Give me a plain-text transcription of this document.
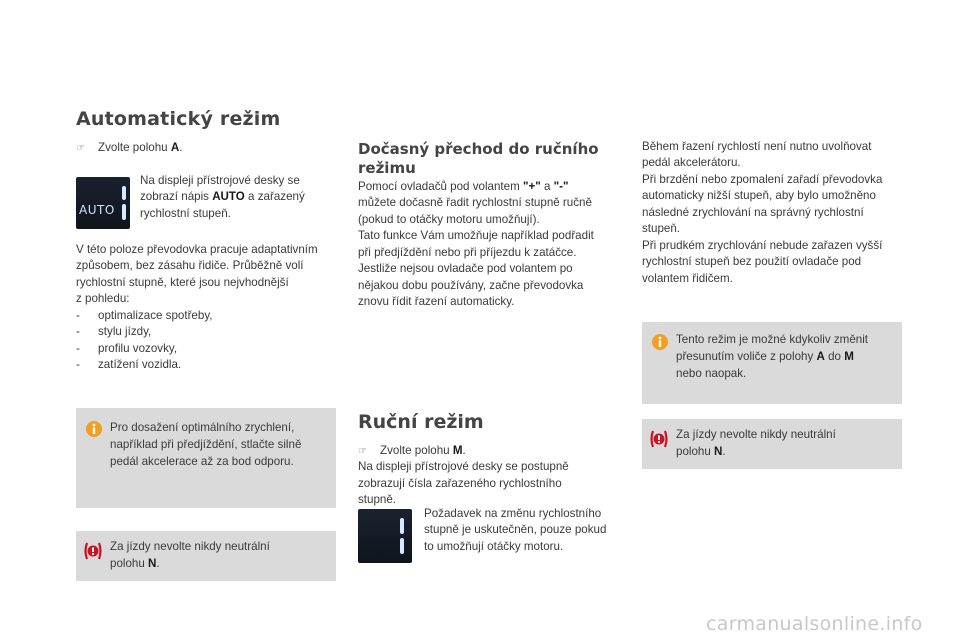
Automatický režim
☞ Zvolte polohu A.
AUTO
Na displeji přístrojové desky se
zobrazí nápis AUTO a zařazený
rychlostní stupeň.
V této poloze převodovka pracuje adaptativním
způsobem, bez zásahu řidiče. Průběžně volí
rychlostní stupně, které jsou nejvhodnější
z pohledu:
- optimalizace spotřeby,
- stylu jízdy,
- profilu vozovky,
- zatížení vozidla.
Pro dosažení optimálního zrychlení,
například při předjíždění, stlačte silně
pedál akcelerace až za bod odporu.
Za jízdy nevolte nikdy neutrální
polohu N.
Dočasný přechod do ručního
režimu
Pomocí ovladačů pod volantem "+" a "-"
můžete dočasně řadit rychlostní stupně ručně
(pokud to otáčky motoru umožňují).
Tato funkce Vám umožňuje například podřadit
při předjíždění nebo při příjezdu k zatáčce.
Jestliže nejsou ovladače pod volantem po
nějakou dobu používány, začne převodovka
znovu řídit řazení automaticky.
Ruční režim
☞ Zvolte polohu M.
Na displeji přístrojové desky se postupně
zobrazují čísla zařazeného rychlostního
stupně.
Požadavek na změnu rychlostního
stupně je uskutečněn, pouze pokud
to umožňují otáčky motoru.
Během řazení rychlostí není nutno uvolňovat
pedál akcelerátoru.
Při brzdění nebo zpomalení zařadí převodovka
automaticky nižší stupeň, aby bylo umožněno
následné zrychlování na správný rychlostní
stupeň.
Při prudkém zrychlování nebude zařazen vyšší
rychlostní stupeň bez použití ovladače pod
volantem řidičem.
Tento režim je možné kdykoliv změnit
přesunutím voliče z polohy A do M
nebo naopak.
Za jízdy nevolte nikdy neutrální
polohu N.
carmanualsonline.info
